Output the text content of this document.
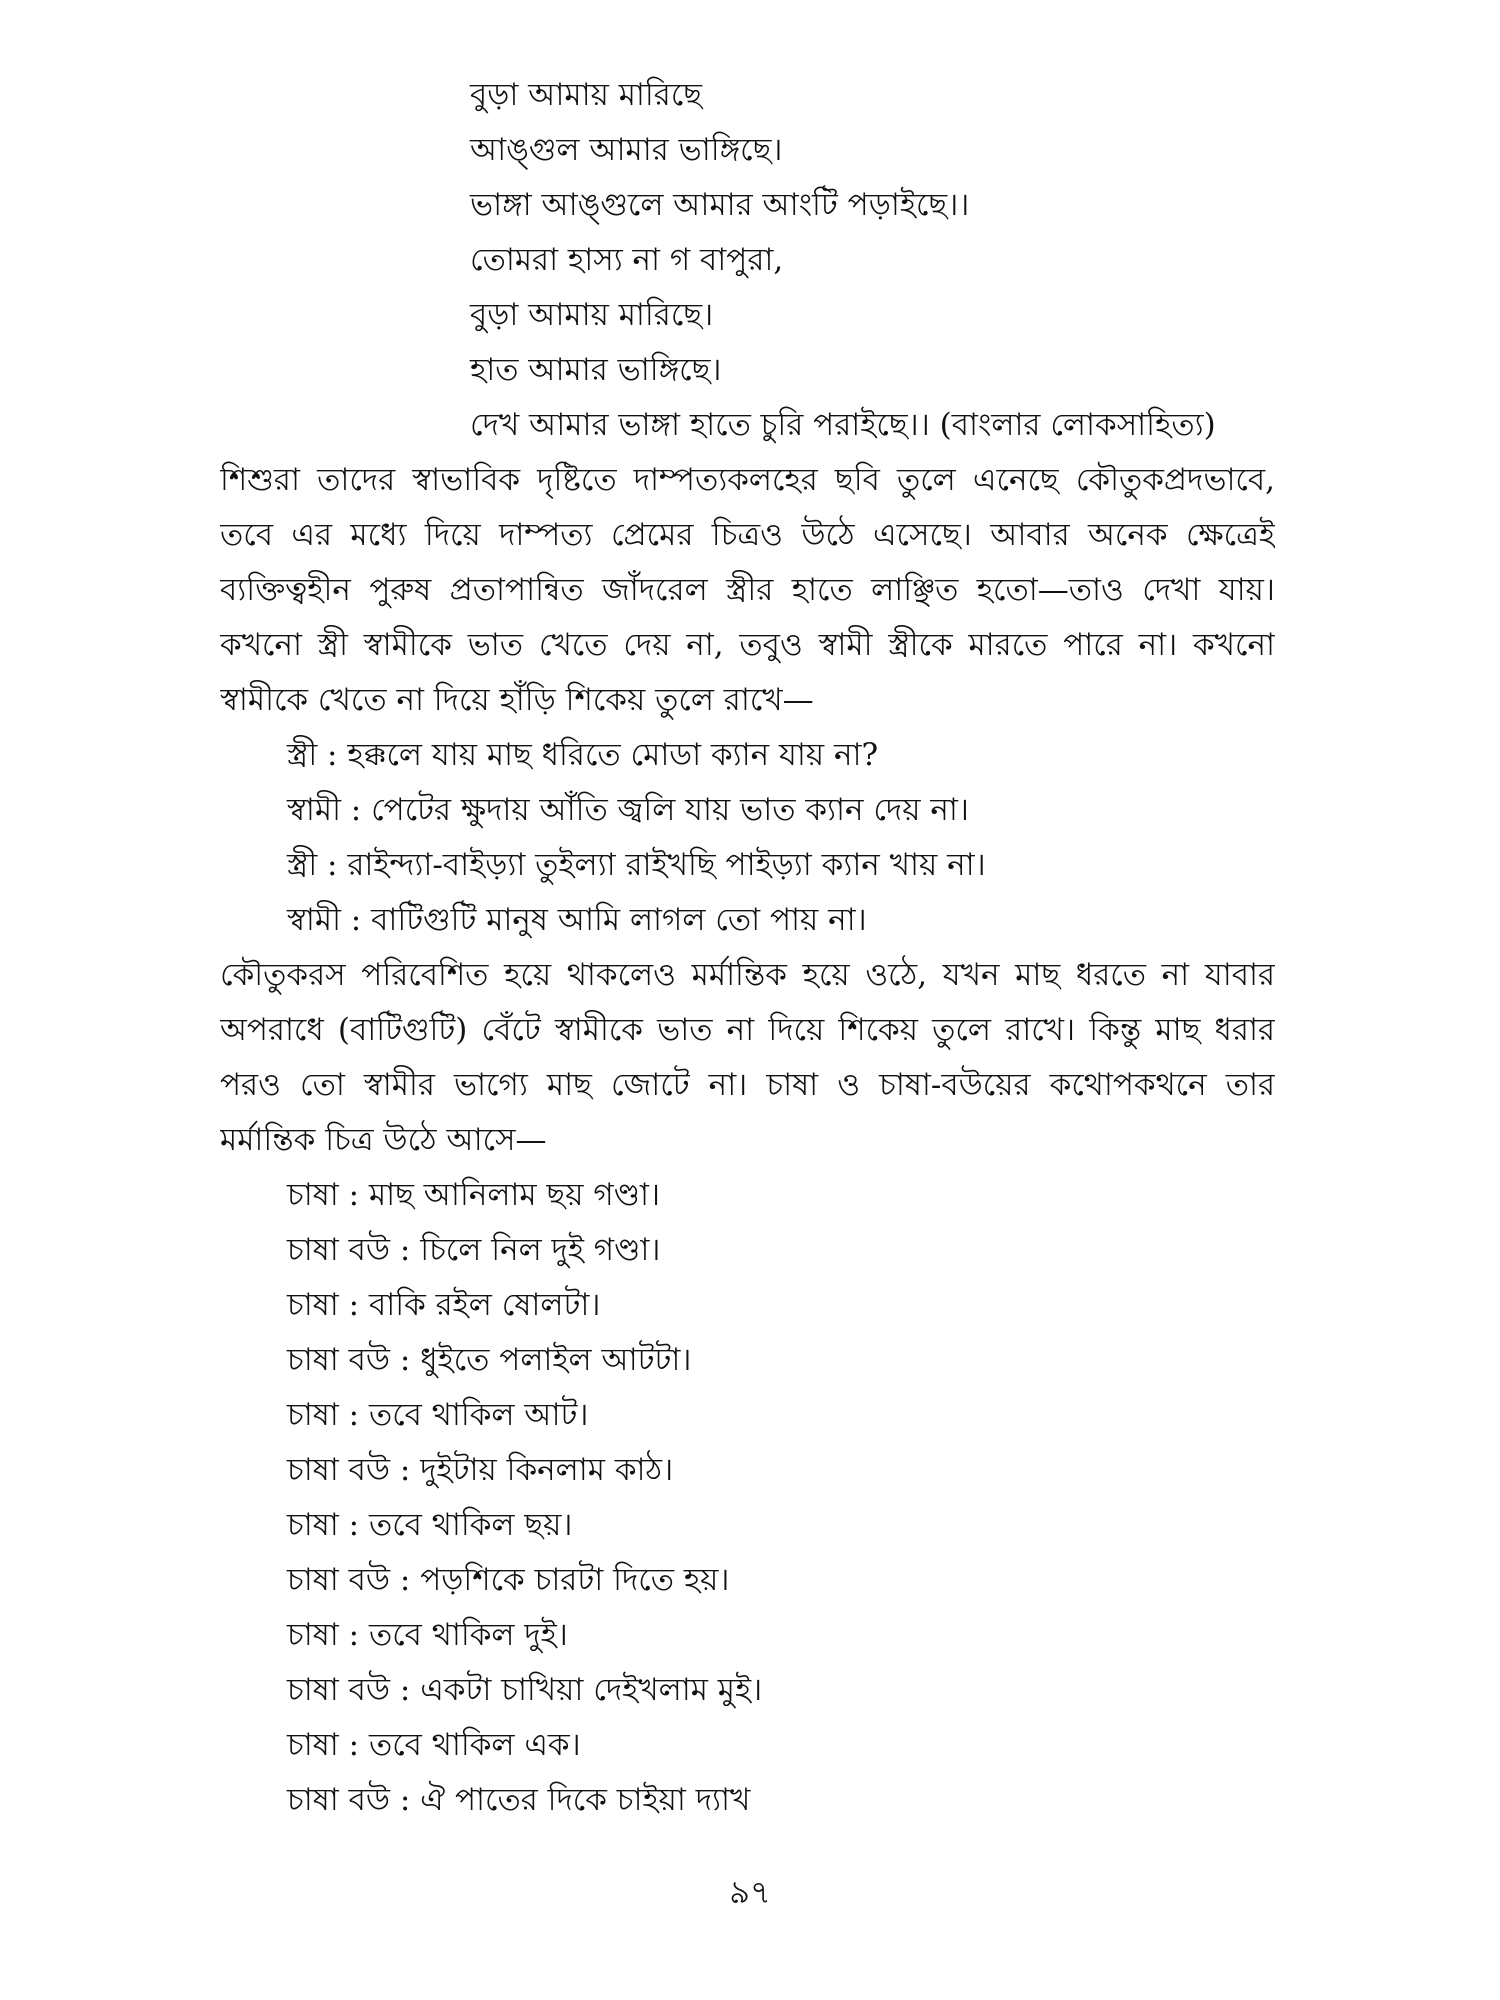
বুড়া আমায় মারিছে
আঙ্গুল আমার ভাঙ্গিছে।
ভাঙ্গা আঙ্গুলে আমার আংটি পড়াইছে।।
তোমরা হাস্য না গ বাপুরা,
বুড়া আমায় মারিছে।
হাত আমার ভাঙ্গিছে।
দেখ আমার ভাঙ্গা হাতে চুরি পরাইছে।। (বাংলার লোকসাহিত্য)
শিশুরা তাদের স্বাভাবিক দৃষ্টিতে দাম্পত্যকলহের ছবি তুলে এনেছে কৌতুকপ্রদভাবে,
তবে এর মধ্যে দিয়ে দাম্পত্য প্রেমের চিত্রও উঠে এসেছে। আবার অনেক ক্ষেত্রেই
ব্যক্তিত্বহীন পুরুষ প্রতাপান্বিত জাঁদরেল স্ত্রীর হাতে লাঞ্ছিত হতো—তাও দেখা যায়।
কখনো স্ত্রী স্বামীকে ভাত খেতে দেয় না, তবুও স্বামী স্ত্রীকে মারতে পারে না। কখনো
স্বামীকে খেতে না দিয়ে হাঁড়ি শিকেয় তুলে রাখে—
স্ত্রী : হক্কলে যায় মাছ ধরিতে মোডা ক্যান যায় না?
স্বামী : পেটের ক্ষুদায় আঁতি জ্বলি যায় ভাত ক্যান দেয় না।
স্ত্রী : রাইন্দ্যা-বাইড়্যা তুইল্যা রাইখছি পাইড়্যা ক্যান খায় না।
স্বামী : বাটিগুটি মানুষ আমি লাগল তো পায় না।
কৌতুকরস পরিবেশিত হয়ে থাকলেও মর্মান্তিক হয়ে ওঠে, যখন মাছ ধরতে না যাবার
অপরাধে (বাটিগুটি) বেঁটে স্বামীকে ভাত না দিয়ে শিকেয় তুলে রাখে। কিন্তু মাছ ধরার
পরও তো স্বামীর ভাগ্যে মাছ জোটে না। চাষা ও চাষা-বউয়ের কথোপকথনে তার
মর্মান্তিক চিত্র উঠে আসে—
চাষা : মাছ আনিলাম ছয় গণ্ডা।
চাষা বউ : চিলে নিল দুই গণ্ডা।
চাষা : বাকি রইল ষোলটা।
চাষা বউ : ধুইতে পলাইল আটটা।
চাষা : তবে থাকিল আট।
চাষা বউ : দুইটায় কিনলাম কাঠ।
চাষা : তবে থাকিল ছয়।
চাষা বউ : পড়শিকে চারটা দিতে হয়।
চাষা : তবে থাকিল দুই।
চাষা বউ : একটা চাখিয়া দেইখলাম মুই।
চাষা : তবে থাকিল এক।
চাষা বউ : ঐ পাতের দিকে চাইয়া দ্যাখ
৯৭
